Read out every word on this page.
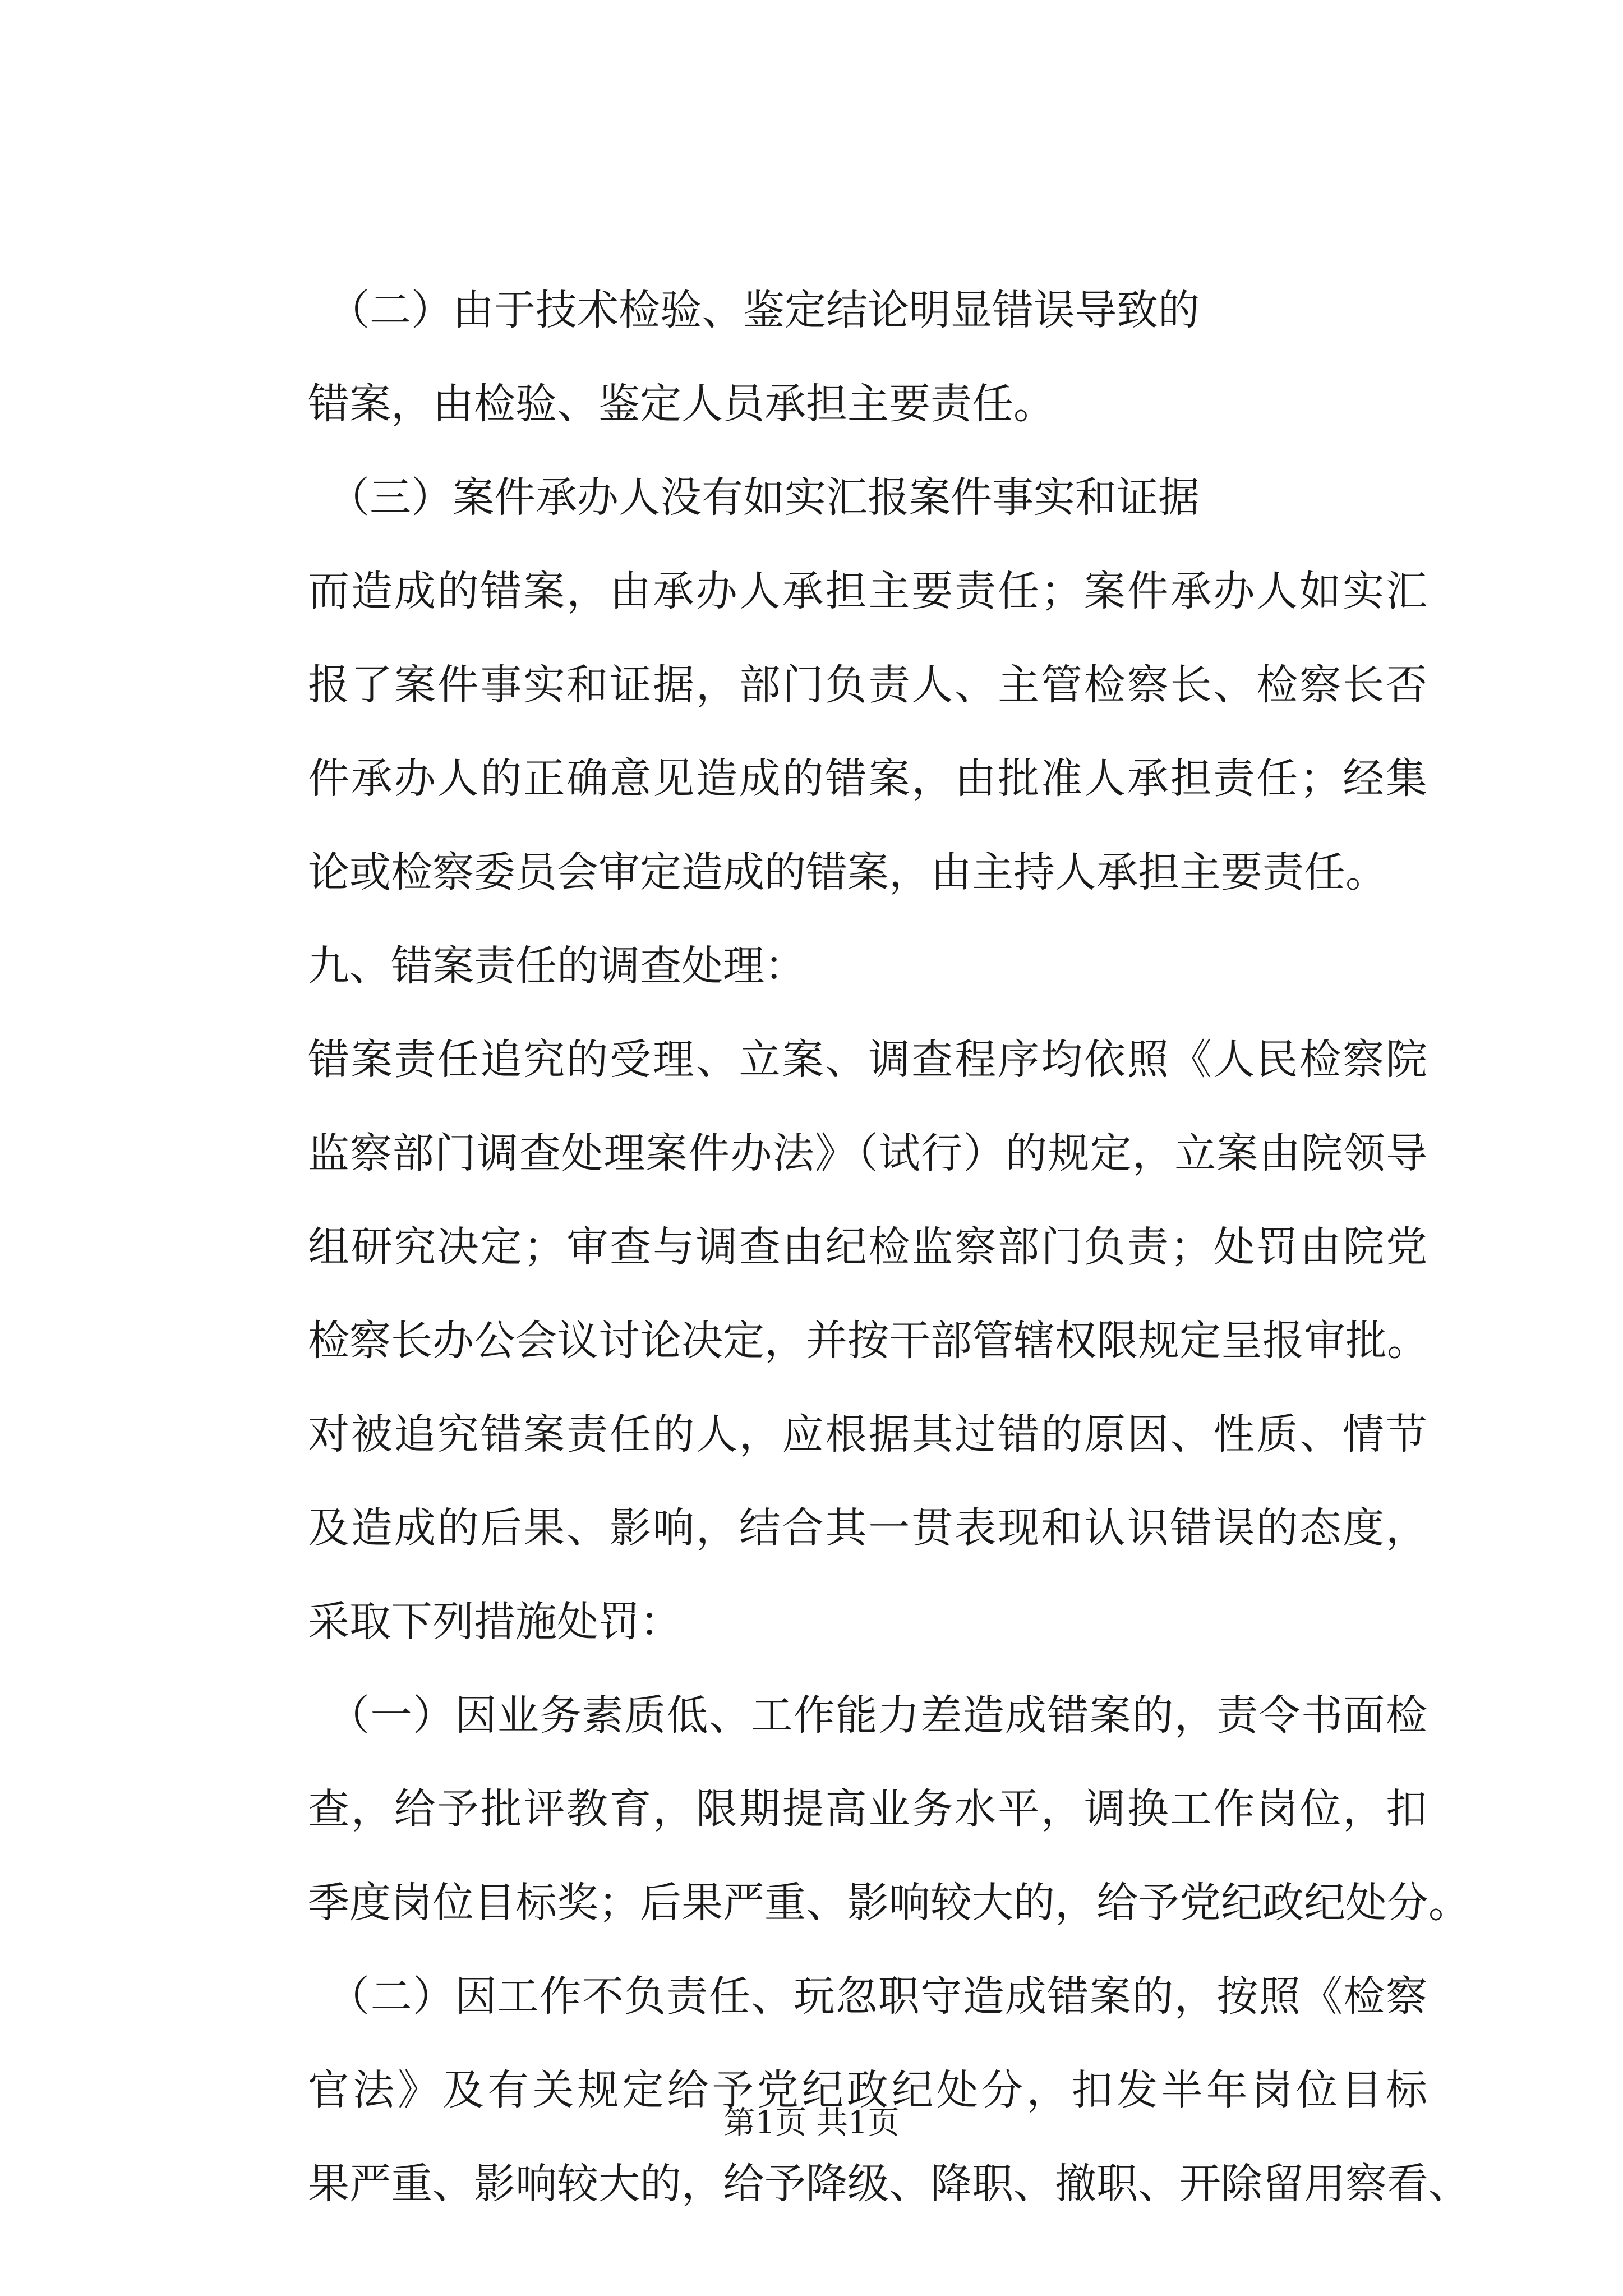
（二）由于技术检验、鉴定结论明显错误导致的
错案，由检验、鉴定人员承担主要责任。
（三）案件承办人没有如实汇报案件事实和证据
而造成的错案，由承办人承担主要责任；案件承办人如实汇
报了案件事实和证据，部门负责人、主管检察长、检察长否
件承办人的正确意见造成的错案，由批准人承担责任；经集
论或检察委员会审定造成的错案，由主持人承担主要责任。
九、错案责任的调查处理：
错案责任追究的受理、立案、调查程序均依照《人民检察院
监察部门调查处理案件办法》（试行）的规定，立案由院领导
组研究决定；审查与调查由纪检监察部门负责；处罚由院党
检察长办公会议讨论决定，并按干部管辖权限规定呈报审批。
对被追究错案责任的人，应根据其过错的原因、性质、情节
及造成的后果、影响，结合其一贯表现和认识错误的态度，
采取下列措施处罚：
（一）因业务素质低、工作能力差造成错案的，责令书面检
查，给予批评教育，限期提高业务水平，调换工作岗位，扣
季度岗位目标奖；后果严重、影响较大的，给予党纪政纪处分。
（二）因工作不负责任、玩忽职守造成错案的，按照《检察
官法》及有关规定给予党纪政纪处分，扣发半年岗位目标
果严重、影响较大的，给予降级、降职、撤职、开除留用察看、
第1页 共1页
